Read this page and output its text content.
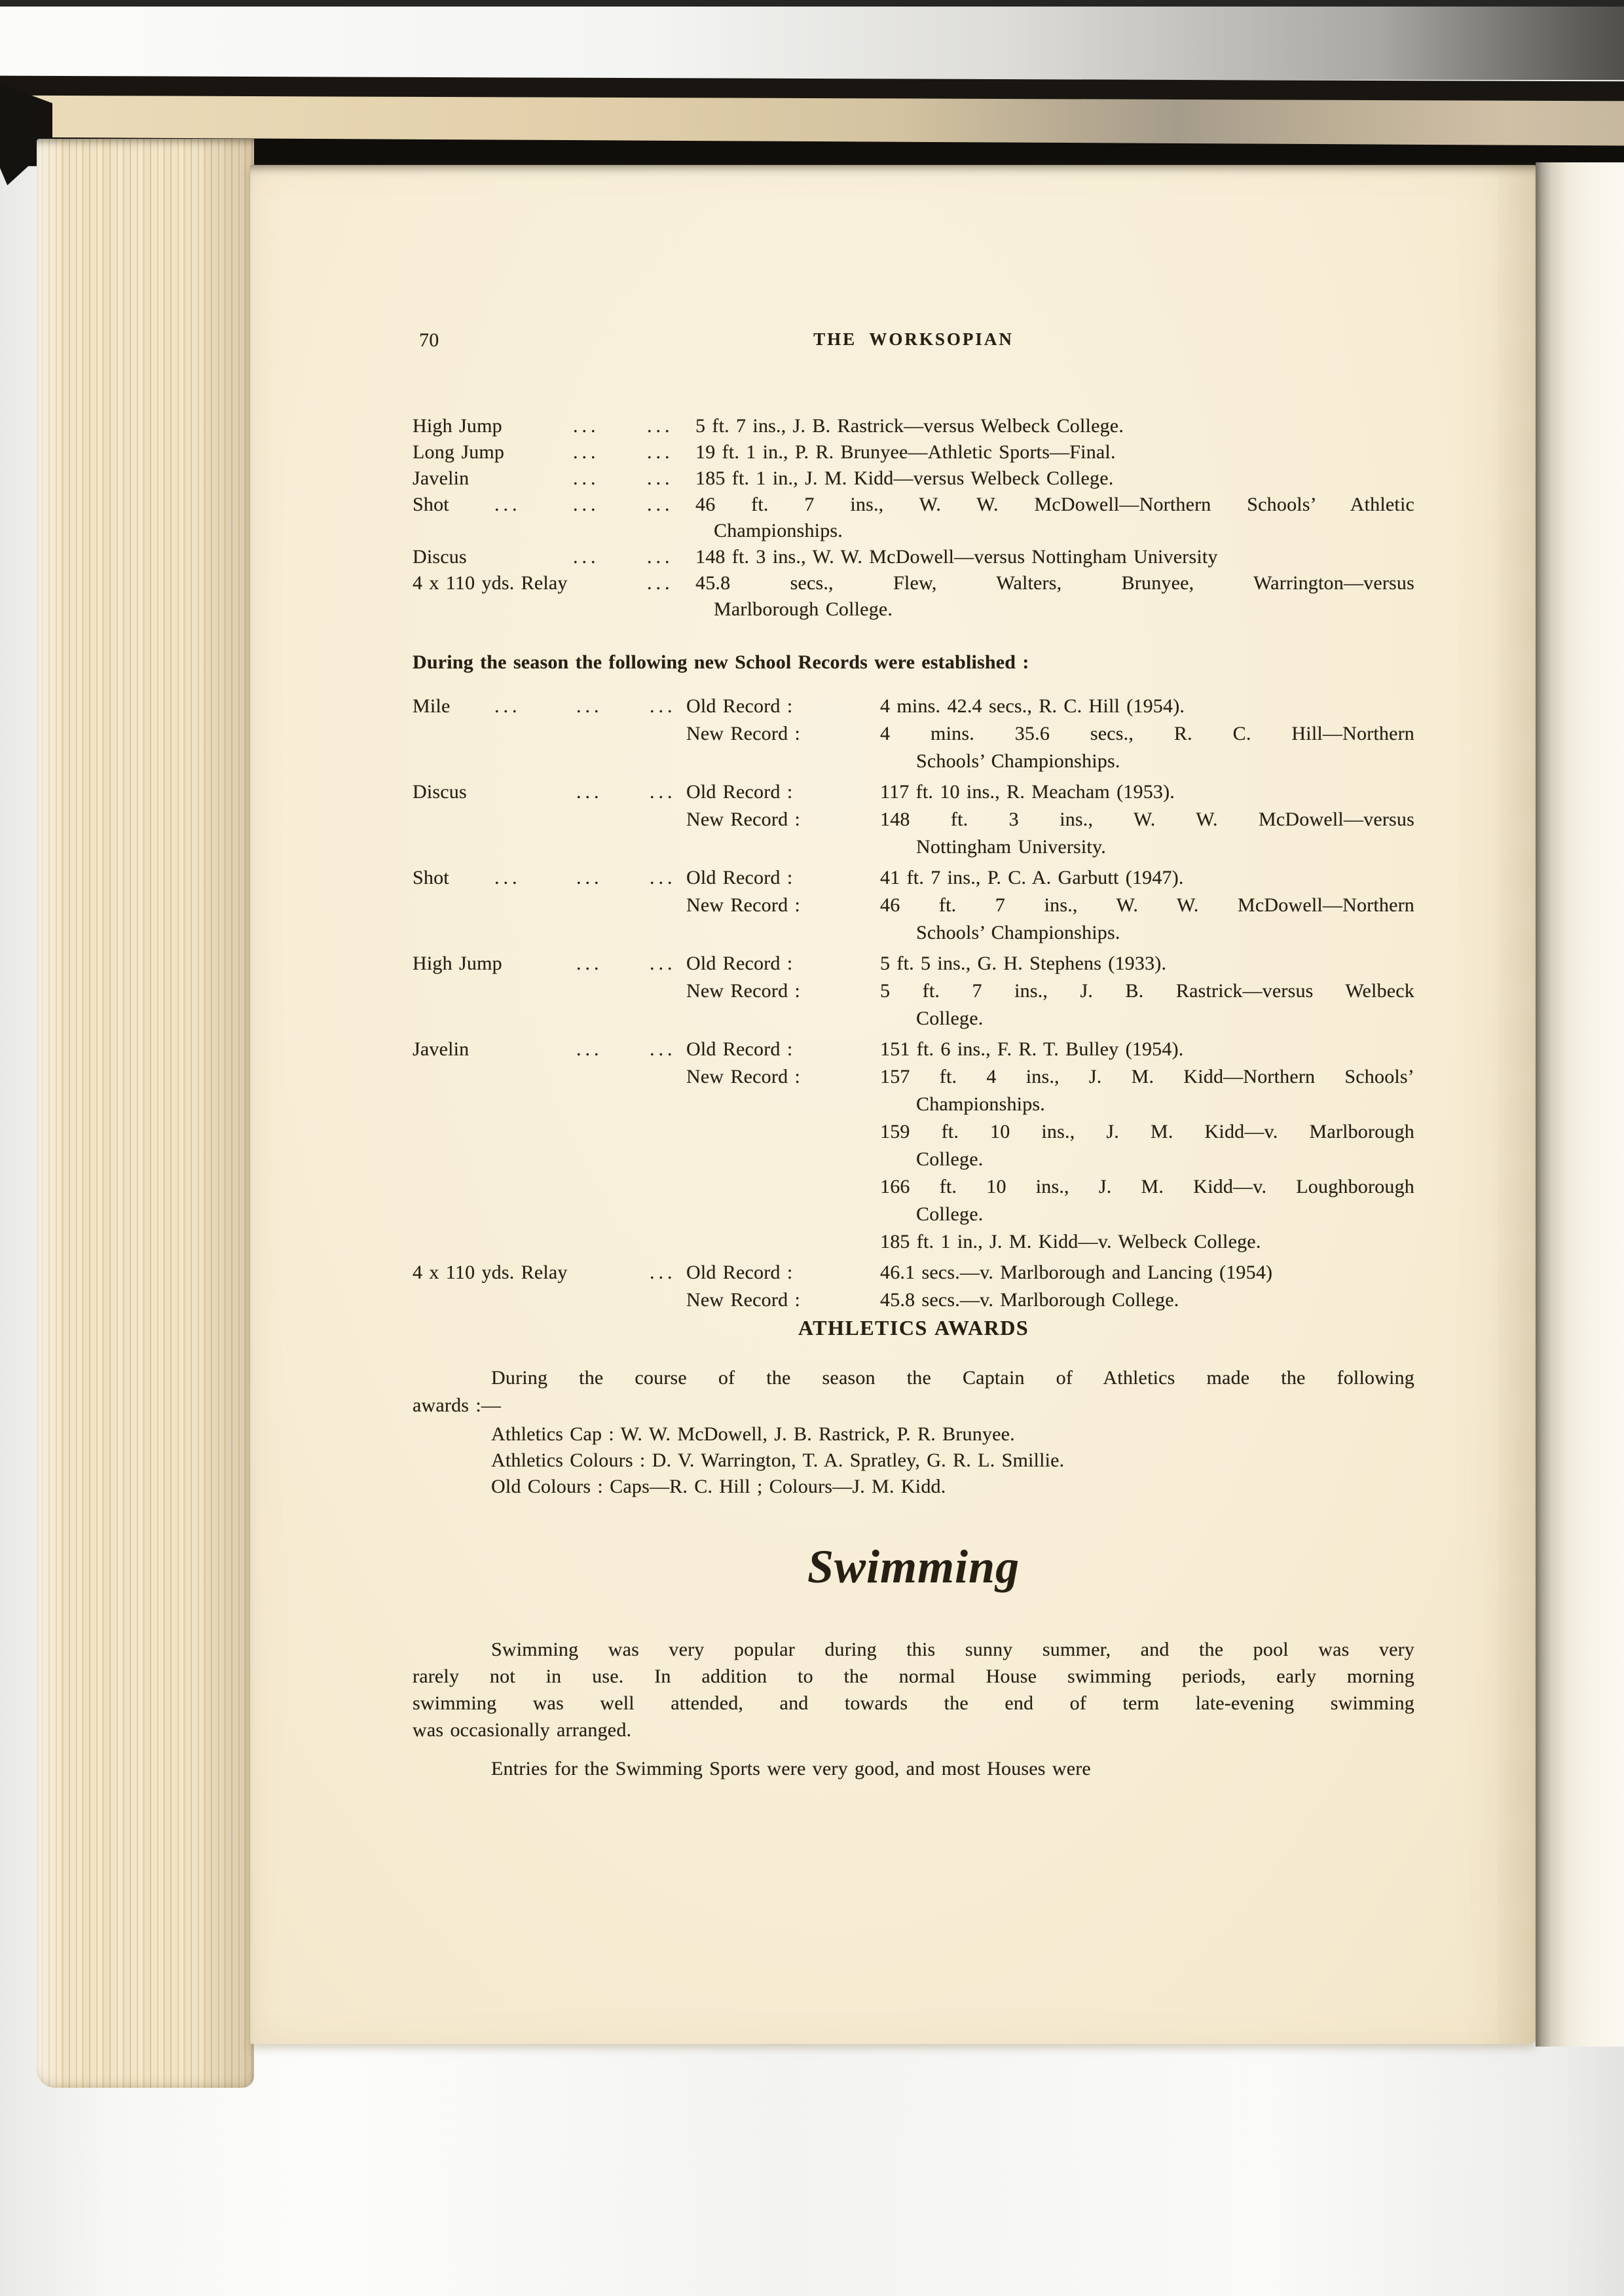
70	THE WORKSOPIAN
High Jump	... ... 5 ft. 7 ins., J. B. Rastrick—versus Welbeck College.
Long Jump	... ... 19 ft. 1 in., P. R. Brunyee—Athletic Sports—Final.
Javelin	... ... 185 ft. 1 in., J. M. Kidd—versus Welbeck College.
Shot ...	... ... 46 ft. 7 ins., W. W. McDowell—Northern Schools’ Athletic
Championships.
Discus	... ... 148 ft. 3 ins., W. W. McDowell—versus Nottingham University
4 x 110 yds. Relay	... 45.8 secs., Flew, Walters, Brunyee, Warrington—versus
Marlborough College.
During the season the following new School Records were established :
Mile ...	... ... Old Record :	4 mins. 42.4 secs., R. C. Hill (1954).
New Record :	4 mins. 35.6 secs., R. C. Hill—Northern
Schools’ Championships.
Discus	... ... Old Record :	117 ft. 10 ins., R. Meacham (1953).
New Record :	148 ft. 3 ins., W. W. McDowell—versus
Nottingham University.
Shot ...	... ... Old Record :	41 ft. 7 ins., P. C. A. Garbutt (1947).
New Record :	46 ft. 7 ins., W. W. McDowell—Northern
Schools’ Championships.
High Jump	... ... Old Record :	5 ft. 5 ins., G. H. Stephens (1933).
New Record :	5 ft. 7 ins., J. B. Rastrick—versus Welbeck
College.
Javelin	... ... Old Record :	151 ft. 6 ins., F. R. T. Bulley (1954).
New Record :	157 ft. 4 ins., J. M. Kidd—Northern Schools’
Championships.
159 ft. 10 ins., J. M. Kidd—v. Marlborough
College.
166 ft. 10 ins., J. M. Kidd—v. Loughborough
College.
185 ft. 1 in., J. M. Kidd—v. Welbeck College.
4 x 110 yds. Relay	... Old Record :	46.1 secs.—v. Marlborough and Lancing (1954)
New Record :	45.8 secs.—v. Marlborough College.
ATHLETICS AWARDS
During the course of the season the Captain of Athletics made the following
awards :—
Athletics Cap : W. W. McDowell, J. B. Rastrick, P. R. Brunyee.
Athletics Colours : D. V. Warrington, T. A. Spratley, G. R. L. Smillie.
Old Colours : Caps—R. C. Hill ; Colours—J. M. Kidd.
Swimming
Swimming was very popular during this sunny summer, and the pool was very
rarely not in use. In addition to the normal House swimming periods, early morning
swimming was well attended, and towards the end of term late-evening swimming
was occasionally arranged.
Entries for the Swimming Sports were very good, and most Houses were
